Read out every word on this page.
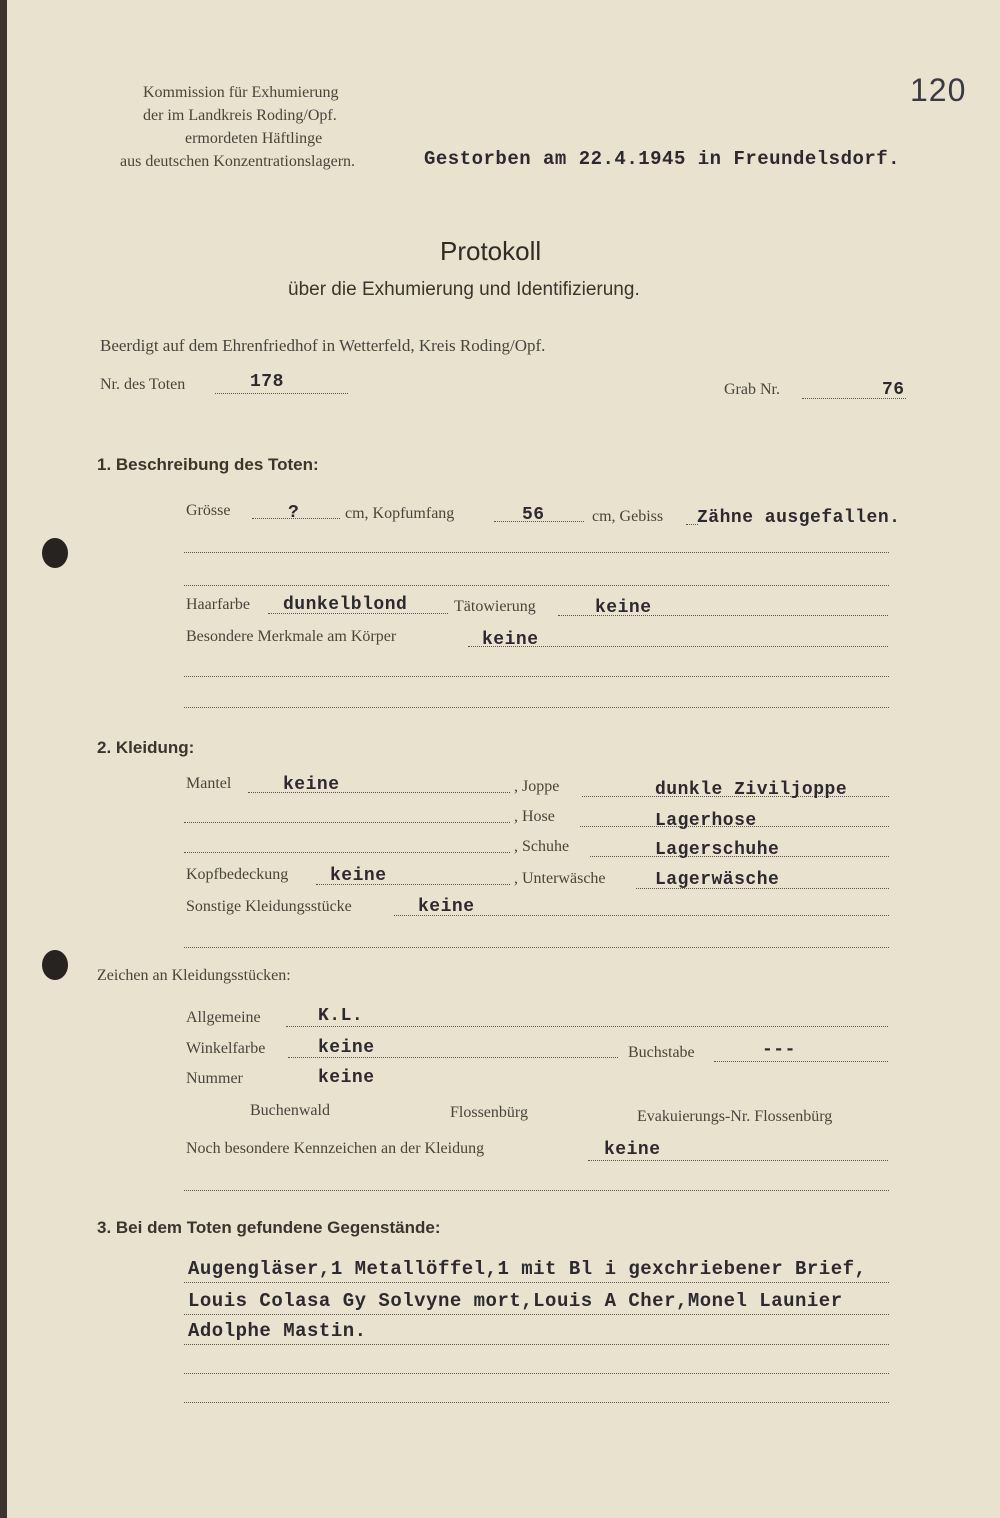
120
Kommission für Exhumierung
der im Landkreis Roding/Opf.
ermordeten Häftlinge
aus deutschen Konzentrationslagern.	Gestorben am 22.4.1945 in Freundelsdorf.
Protokoll
über die Exhumierung und Identifizierung.
Beerdigt auf dem Ehrenfriedhof in Wetterfeld, Kreis Roding/Opf.
Nr. des Toten	178	Grab Nr.	76
1. Beschreibung des Toten:
Grösse	?	cm, Kopfumfang	56	cm, Gebiss Zähne ausgefallen.
Haarfarbe dunkelblond	Tätowierung	keine
Besondere Merkmale am Körper	keine
2. Kleidung:
Mantel	keine	, Joppe	dunkle Ziviljoppe
, Hose	Lagerhose
, Schuhe	Lagerschuhe
Kopfbedeckung keine	, Unterwäsche	Lagerwäsche
Sonstige Kleidungsstücke	keine
Zeichen an Kleidungsstücken:
Allgemeine	K.L.
Winkelfarbe	keine	Buchstabe	---
Nummer	keine
Buchenwald	Flossenbürg	Evakuierungs-Nr. Flossenbürg
Noch besondere Kennzeichen an der Kleidung	keine
3. Bei dem Toten gefundene Gegenstände:
Augengläser,1 Metallöffel,1 mit Bl i gexchriebener Brief,
Louis Colasa Gy Solvyne mort,Louis A Cher,Monel Launier
Adolphe Mastin.
